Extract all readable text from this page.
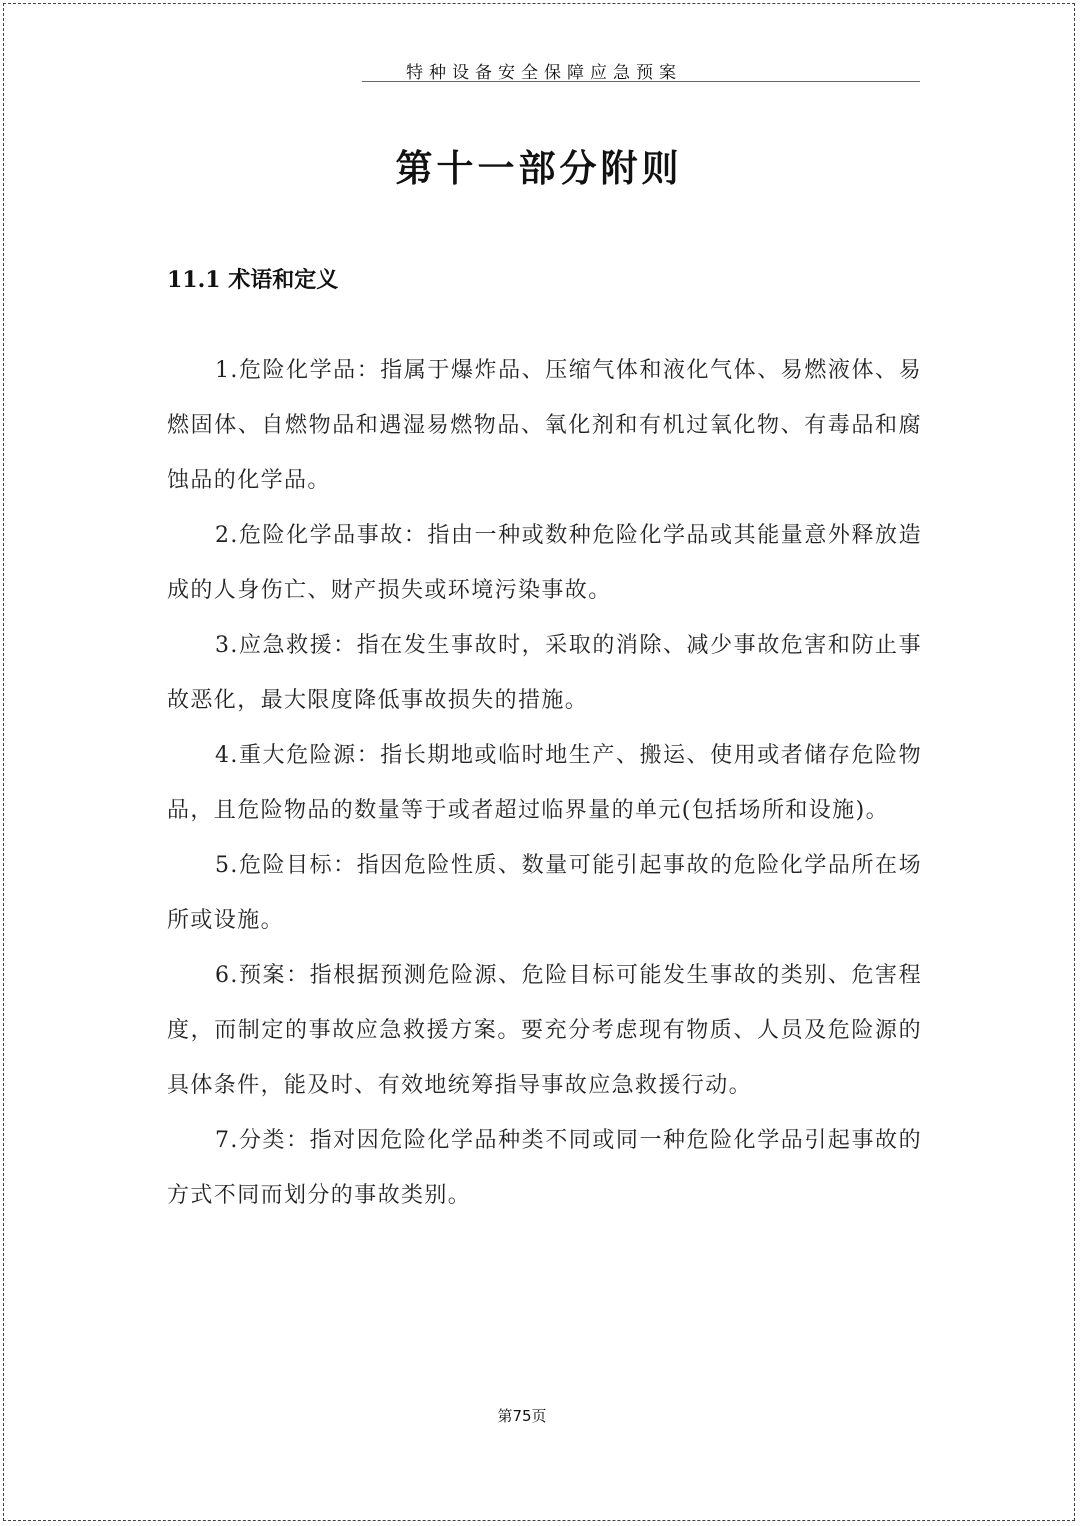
特种设备安全保障应急预案
第十一部分附则
11.1 术语和定义

1.危险化学品：指属于爆炸品、压缩气体和液化气体、易燃液体、易燃固体、自燃物品和遇湿易燃物品、氧化剂和有机过氧化物、有毒品和腐蚀品的化学品。

2.危险化学品事故：指由一种或数种危险化学品或其能量意外释放造成的人身伤亡、财产损失或环境污染事故。

3.应急救援：指在发生事故时，采取的消除、减少事故危害和防止事故恶化，最大限度降低事故损失的措施。

4.重大危险源：指长期地或临时地生产、搬运、使用或者储存危险物品，且危险物品的数量等于或者超过临界量的单元(包括场所和设施)。

5.危险目标：指因危险性质、数量可能引起事故的危险化学品所在场所或设施。

6.预案：指根据预测危险源、危险目标可能发生事故的类别、危害程度，而制定的事故应急救援方案。要充分考虑现有物质、人员及危险源的具体条件，能及时、有效地统筹指导事故应急救援行动。

7.分类：指对因危险化学品种类不同或同一种危险化学品引起事故的方式不同而划分的事故类别。

第75页
